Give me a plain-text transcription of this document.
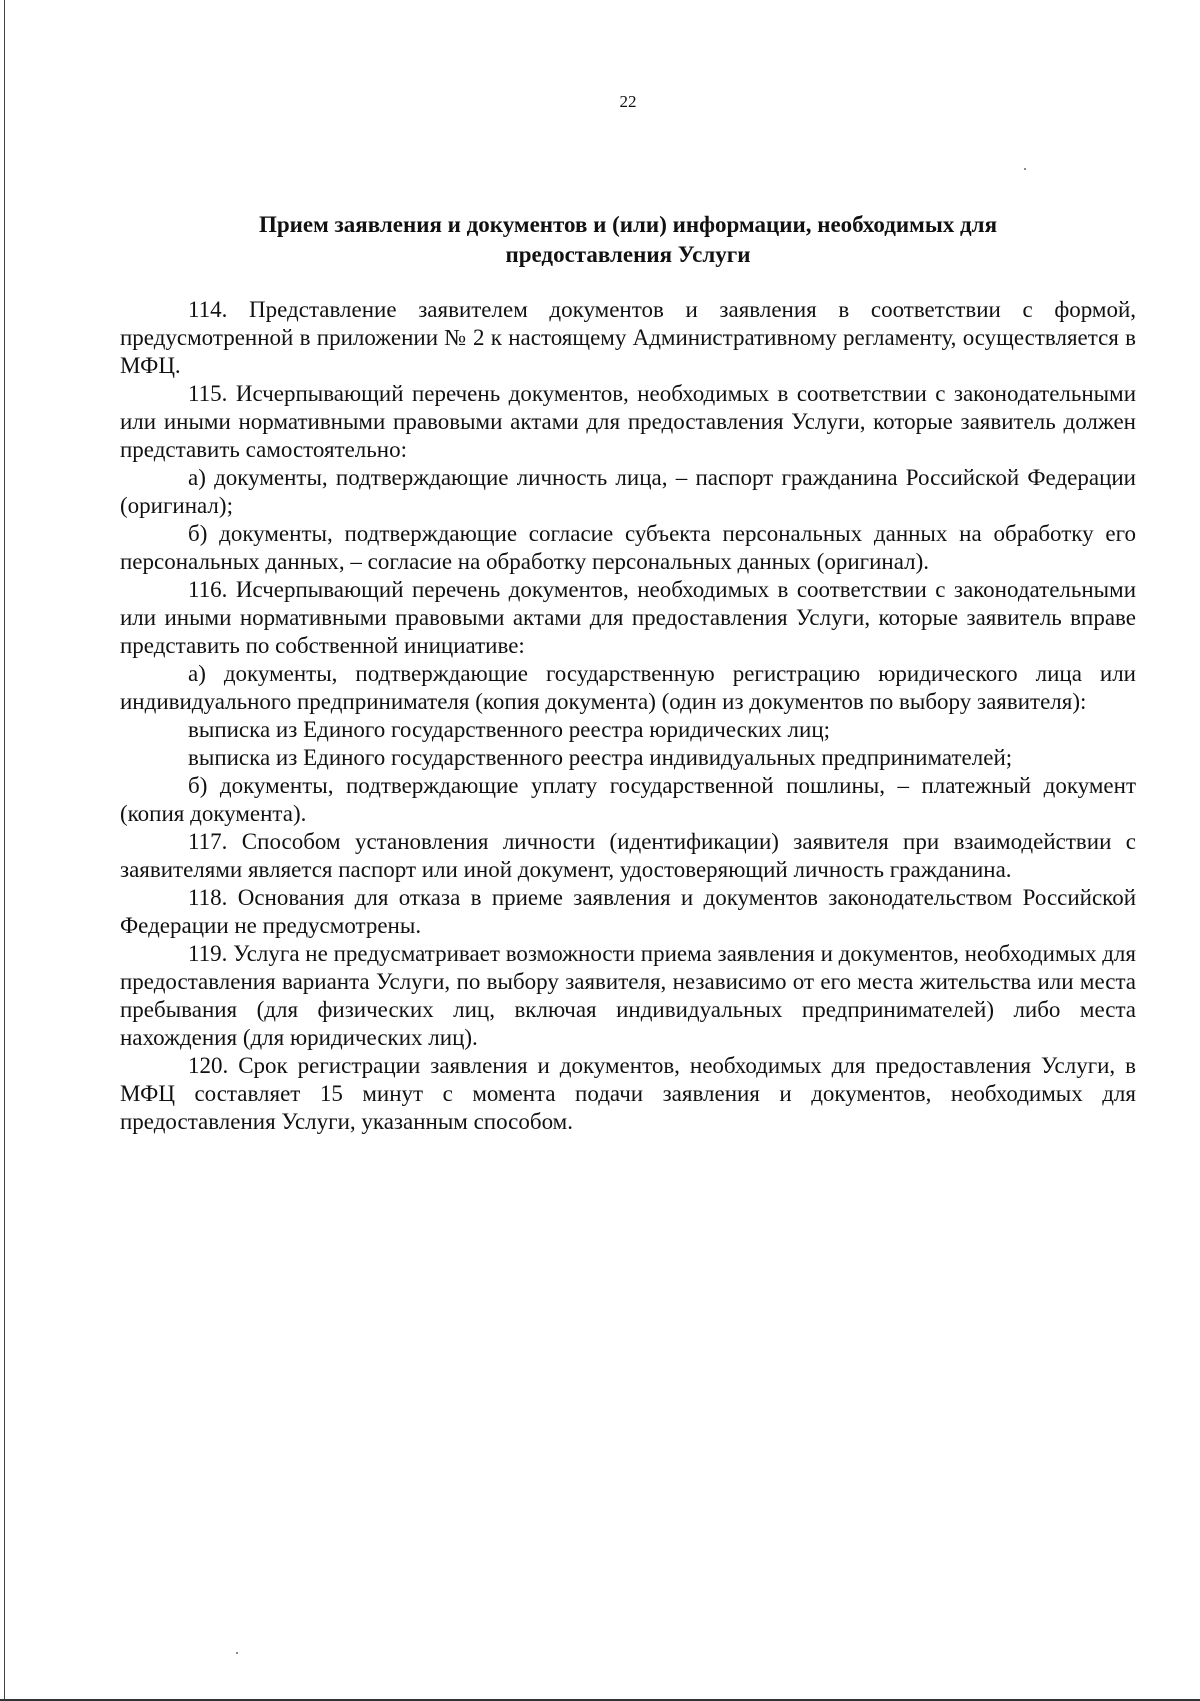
22
Прием заявления и документов и (или) информации, необходимых для
предоставления Услуги

114. Представление заявителем документов и заявления в соответствии с формой, предусмотренной в приложении № 2 к настоящему Административному регламенту, осуществляется в МФЦ.

115. Исчерпывающий перечень документов, необходимых в соответствии с законодательными или иными нормативными правовыми актами для предоставления Услуги, которые заявитель должен представить самостоятельно:

а) документы, подтверждающие личность лица, – паспорт гражданина Российской Федерации (оригинал);

б) документы, подтверждающие согласие субъекта персональных данных на обработку его персональных данных, – согласие на обработку персональных данных (оригинал).

116. Исчерпывающий перечень документов, необходимых в соответствии с законодательными или иными нормативными правовыми актами для предоставления Услуги, которые заявитель вправе представить по собственной инициативе:

а) документы, подтверждающие государственную регистрацию юридического лица или индивидуального предпринимателя (копия документа) (один из документов по выбору заявителя):

выписка из Единого государственного реестра юридических лиц;

выписка из Единого государственного реестра индивидуальных предпринимателей;

б) документы, подтверждающие уплату государственной пошлины, – платежный документ (копия документа).

117. Способом установления личности (идентификации) заявителя при взаимодействии с заявителями является паспорт или иной документ, удостоверяющий личность гражданина.

118. Основания для отказа в приеме заявления и документов законодательством Российской Федерации не предусмотрены.

119. Услуга не предусматривает возможности приема заявления и документов, необходимых для предоставления варианта Услуги, по выбору заявителя, независимо от его места жительства или места пребывания (для физических лиц, включая индивидуальных предпринимателей) либо места нахождения (для юридических лиц).

120. Срок регистрации заявления и документов, необходимых для предоставления Услуги, в МФЦ составляет 15 минут с момента подачи заявления и документов, необходимых для предоставления Услуги, указанным способом.
